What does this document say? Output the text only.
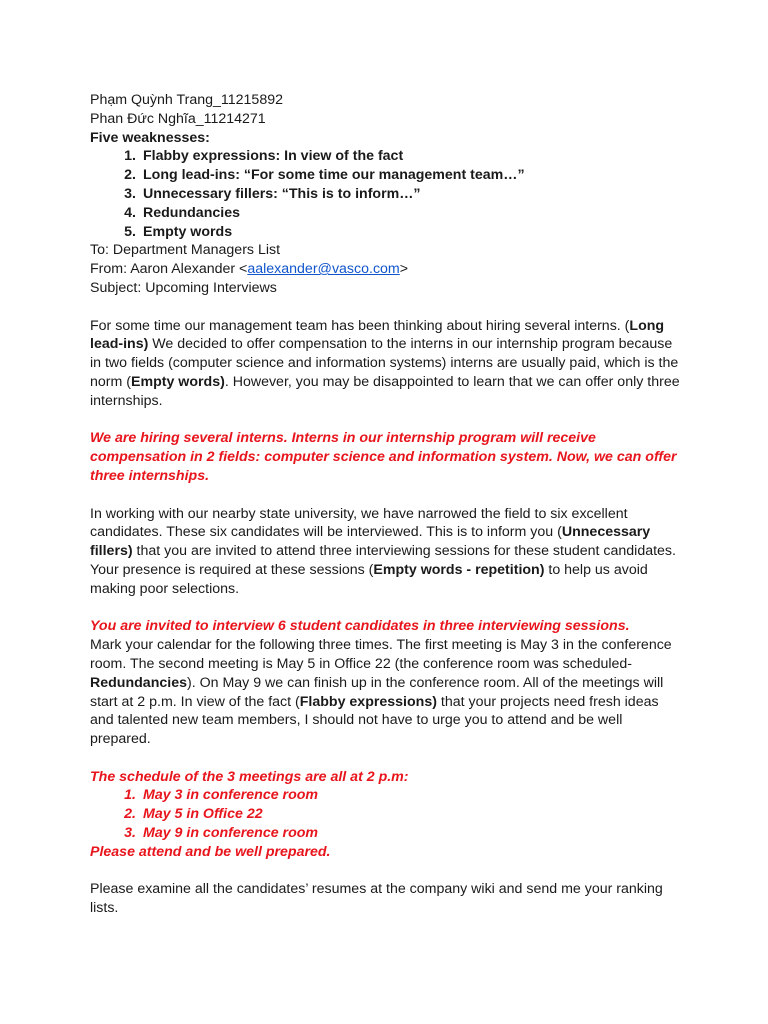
Phạm Quỳnh Trang_11215892

Phan Đức Nghĩa_11214271

Five weaknesses:

1. Flabby expressions: In view of the fact
2. Long lead-ins: “For some time our management team…”
3. Unnecessary fillers: “This is to inform…”
4. Redundancies
5. Empty words

To: Department Managers List

From: Aaron Alexander <aalexander@vasco.com>

Subject: Upcoming Interviews

For some time our management team has been thinking about hiring several interns. (Long lead-ins) We decided to offer compensation to the interns in our internship program because in two fields (computer science and information systems) interns are usually paid, which is the norm (Empty words). However, you may be disappointed to learn that we can offer only three internships.

We are hiring several interns. Interns in our internship program will receive compensation in 2 fields: computer science and information system. Now, we can offer three internships.

In working with our nearby state university, we have narrowed the field to six excellent candidates. These six candidates will be interviewed. This is to inform you (Unnecessary fillers) that you are invited to attend three interviewing sessions for these student candidates. Your presence is required at these sessions (Empty words - repetition) to help us avoid making poor selections.

You are invited to interview 6 student candidates in three interviewing sessions.

Mark your calendar for the following three times. The first meeting is May 3 in the conference room. The second meeting is May 5 in Office 22 (the conference room was scheduled-Redundancies). On May 9 we can finish up in the conference room. All of the meetings will start at 2 p.m. In view of the fact (Flabby expressions) that your projects need fresh ideas and talented new team members, I should not have to urge you to attend and be well prepared.

The schedule of the 3 meetings are all at 2 p.m:

1. May 3 in conference room
2. May 5 in Office 22
3. May 9 in conference room

Please attend and be well prepared.

Please examine all the candidates’ resumes at the company wiki and send me your ranking lists.
